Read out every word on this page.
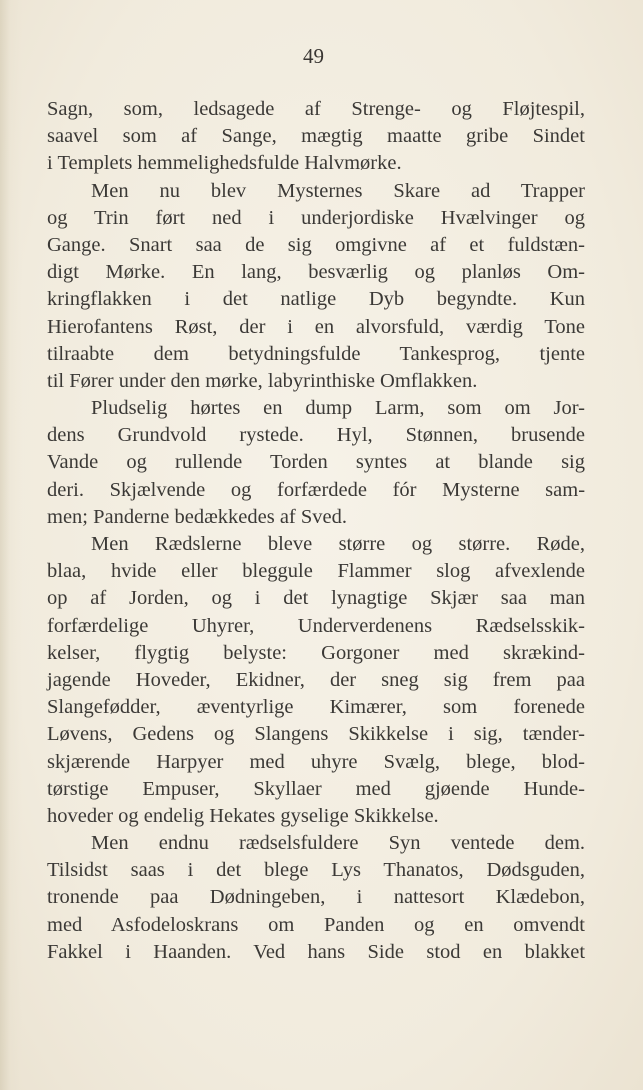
49
Sagn, som, ledsagede af Strenge- og Fløjtespil,
saavel som af Sange, mægtig maatte gribe Sindet
i Templets hemmelighedsfulde Halvmørke.
Men nu blev Mysternes Skare ad Trapper
og Trin ført ned i underjordiske Hvælvinger og
Gange. Snart saa de sig omgivne af et fuldstæn-
digt Mørke. En lang, besværlig og planløs Om-
kringflakken i det natlige Dyb begyndte. Kun
Hierofantens Røst, der i en alvorsfuld, værdig Tone
tilraabte dem betydningsfulde Tankesprog, tjente
til Fører under den mørke, labyrinthiske Omflakken.
Pludselig hørtes en dump Larm, som om Jor-
dens Grundvold rystede. Hyl, Stønnen, brusende
Vande og rullende Torden syntes at blande sig
deri. Skjælvende og forfærdede fór Mysterne sam-
men; Panderne bedækkedes af Sved.
Men Rædslerne bleve større og større. Røde,
blaa, hvide eller bleggule Flammer slog afvexlende
op af Jorden, og i det lynagtige Skjær saa man
forfærdelige Uhyrer, Underverdenens Rædselsskik-
kelser, flygtig belyste: Gorgoner med skrækind-
jagende Hoveder, Ekidner, der sneg sig frem paa
Slangefødder, æventyrlige Kimærer, som forenede
Løvens, Gedens og Slangens Skikkelse i sig, tænder-
skjærende Harpyer med uhyre Svælg, blege, blod-
tørstige Empuser, Skyllaer med gjøende Hunde-
hoveder og endelig Hekates gyselige Skikkelse.
Men endnu rædselsfuldere Syn ventede dem.
Tilsidst saas i det blege Lys Thanatos, Dødsguden,
tronende paa Dødningeben, i nattesort Klædebon,
med Asfodeloskrans om Panden og en omvendt
Fakkel i Haanden. Ved hans Side stod en blakket
